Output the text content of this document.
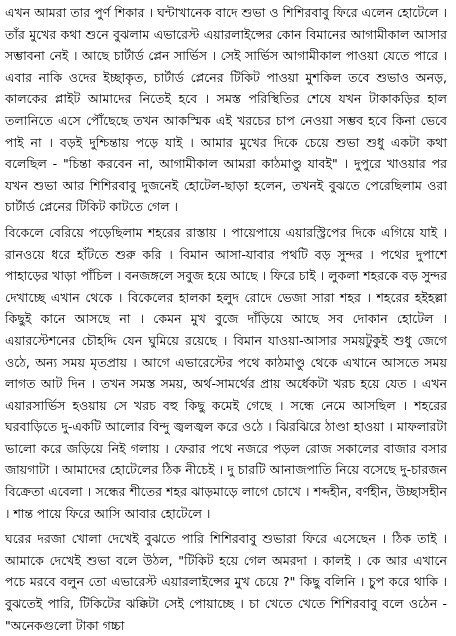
এখন আমরা তার পুর্ণ শিকার । ঘন্টাখানেক বাদে শুভা ও শিশিরবাবু ফিরে এলেন হোটেলে । তাঁর মুখের কথা শুনে বুঝলাম এভারেস্ট এয়ারলাইন্সের কোন বিমানের আগামীকাল আসার সম্ভাবনা নেই । আছে চার্টার্ড প্লেন সার্ভিস । সেই সার্ভিস আগামীকাল পাওয়া যেতে পারে । এবার নাকি ওদের ইচ্ছাকৃত, চার্টার্ড প্লেনের টিকিট পাওয়া মুশকিল তবে শুভাও অনড়, কালকের প্লাইট আমাদের নিতেই হবে । সমস্ত পরিস্থিতির শেষে যখন টাকাকড়ির হাল তলানিতে এসে পৌঁছেছে তখন আকস্মিক এই খরচের চাপ নেওয়া সম্ভব হবে কিনা ভেবে পাই না । বড়ই দুশ্চিন্তায় পড়ে যাই । আমার মুখের দিকে চেয়ে শুভা শুধু একটা কথা বলেছিল - "চিন্তা করবেন না, আগামীকাল আমরা কাঠমাণ্ডু যাবই" । দুপুরে খাওয়ার পর যখন শুভা আর শিশিরবাবু দুজনেই হোটেল-ছাড়া হলেন, তখনই বুঝতে পেরেছিলাম ওরা চার্টার্ড প্লেনের টিকিট কাটতে গেল ।

বিকেলে বেরিয়ে পড়েছিলাম শহরের রাস্তায় । পায়েপায়ে এয়ারস্ট্রিপের দিকে এগিয়ে যাই । রানওয়ে ধরে হাঁটতে শুরু করি । বিমান আসা-যাবার পথটি বড় সুন্দর । পথের দুপাশে পাহাড়ের খাড়া পাঁচিল । বনজঙ্গলে সবুজ হয়ে আছে । ফিরে চাই । লুকলা শহরকে বড় সুন্দর দেখাচ্ছে এখান থেকে । বিকেলের হালকা হলুদ রোদে ভেজা সারা শহর । শহরের হইহল্লা কিছুই কানে আসছে না । কেমন মুখ বুজে দাঁড়িয়ে আছে সব দোকান হোটেল । এয়ারস্টেশনের চৌহদ্দি যেন ঘুমিয়ে রয়েছে । বিমান যাওয়া-আসার সময়টুকুই শুধু জেগে ওঠে, অন্য সময় মৃতপ্রায় । আগে এভারেস্টের পথে কাঠমাণ্ডু থেকে এখানে আসতে সময় লাগত আট দিন । তখন সমস্ত সময়, অর্থ-সামর্থের প্রায় অর্ধেকটা খরচ হয়ে যেত । এখন এয়ারসার্ভিস হওয়ায় সে খরচ বহু কিছু কমেই গেছে । সন্ধে নেমে আসছিল । শহরের ঘরবাড়িতে দু-একটি আলোর বিন্দু জ্বলজ্বল করে ওঠে । ঝিরঝিরে ঠাণ্ডা হাওয়া । মাফলারটা ভালো করে জড়িয়ে নিই গলায় । ফেরার পথে নজরে পড়ল রোজ সকালের বাজার বসার জায়গাটা । আমাদের হোটেলের ঠিক নীচেই । দু চারটি আনাজপাতি নিয়ে বসেছে দু-চারজন বিক্রেতা এবেলা । সন্ধের শীতের শহর ঝাড়মাড়ে লাগে চোখে । শব্দহীন, বর্ণহীন, উচ্ছাসহীন । শান্ত পায়ে ফিরে আসি আবার হোটেলে ।

ঘরের দরজা খোলা দেখেই বুঝতে পারি শিশিরবাবু শুভারা ফিরে এসেছেন । ঠিক তাই । আমাকে দেখেই শুভা বলে উঠল, "টিকিট হয়ে গেল অমরদা । কালই । কে আর এখানে পচে মরবে বলুন তো এভারেস্ট এয়ারলাইন্সের মুখ চেয়ে ?" কিছু বলিনি । চুপ করে থাকি । বুঝতেই পারি, টিকিটের ঝক্কিটা সেই পোয়াচ্ছে । চা খেতে খেতে শিশিরবাবু বলে ওঠেন - "অনেকগুলো টাকা গচ্চা
